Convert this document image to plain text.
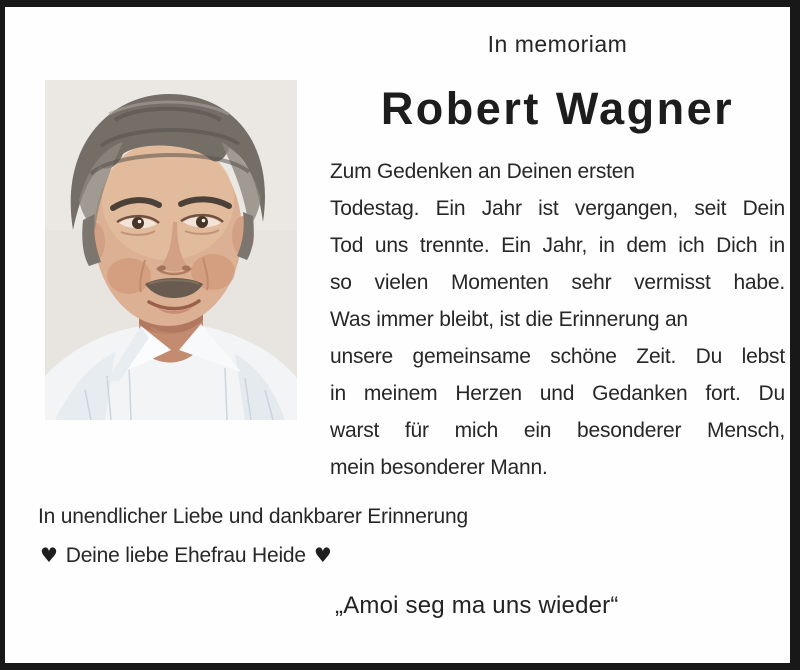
In memoriam
Robert Wagner
Zum Gedenken an Deinen ersten
Todestag. Ein Jahr ist vergangen, seit Dein
Tod uns trennte. Ein Jahr, in dem ich Dich in
so vielen Momenten sehr vermisst habe.
Was immer bleibt, ist die Erinnerung an
unsere gemeinsame schöne Zeit. Du lebst
in meinem Herzen und Gedanken fort. Du
warst für mich ein besonderer Mensch,
mein besonderer Mann.
In unendlicher Liebe und dankbarer Erinnerung
♥ Deine liebe Ehefrau Heide ♥
„Amoi seg ma uns wieder“
